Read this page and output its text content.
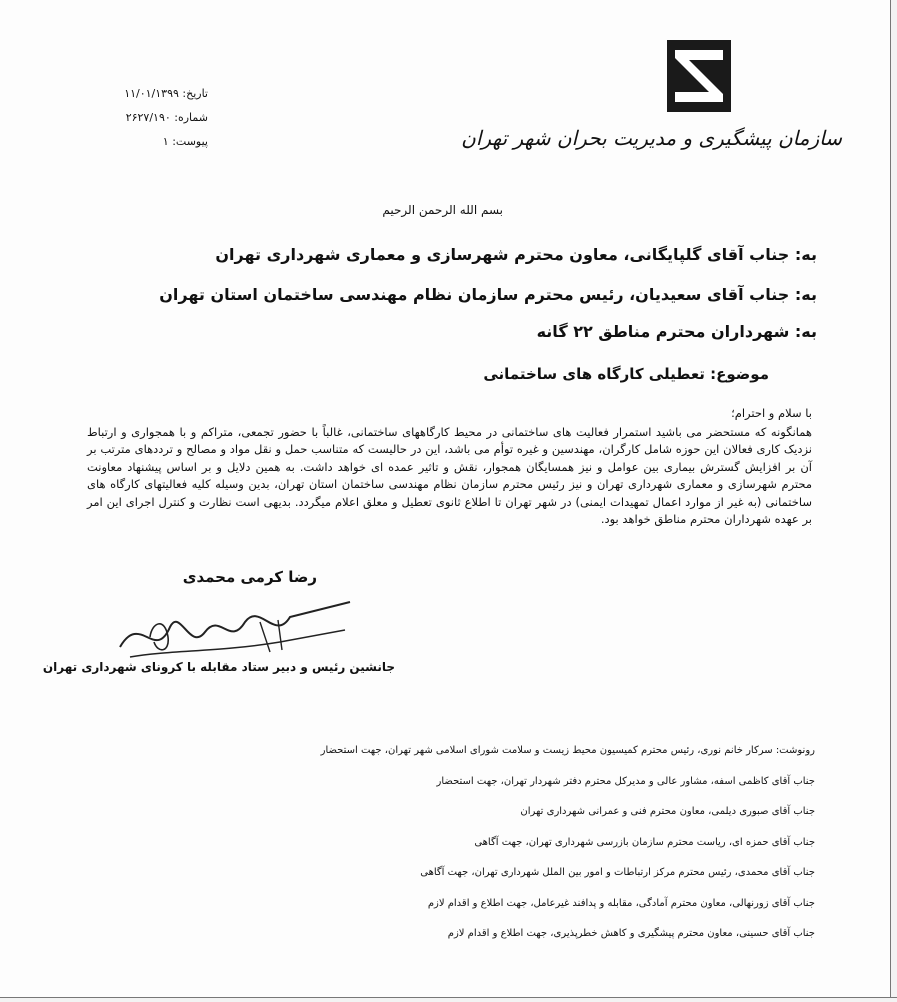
سازمان پیشگیری و مدیریت بحران شهر تهران
تاریخ: ۱۱/۰۱/۱۳۹۹
شماره: ۲۶۲۷/۱۹۰
پیوست: ۱
بسم الله الرحمن الرحیم
به: جناب آقای گلپایگانی، معاون محترم شهرسازی و معماری شهرداری تهران
به: جناب آقای سعیدیان، رئیس محترم سازمان نظام مهندسی ساختمان استان تهران
به: شهرداران محترم مناطق ۲۲ گانه
موضوع: تعطیلی کارگاه های ساختمانی
با سلام و احترام؛
همانگونه که مستحضر می باشید استمرار فعالیت های ساختمانی در محیط کارگاههای ساختمانی، غالباً با حضور تجمعی، متراکم و با همجواری و ارتباط نزدیک کاری فعالان این حوزه شامل کارگران، مهندسین و غیره توأم می باشد، این در حالیست که متناسب حمل و نقل مواد و مصالح و ترددهای مترتب بر آن بر افزایش گسترش بیماری بین عوامل و نیز همسایگان همجوار، نقش و تاثیر عمده ای خواهد داشت. به همین دلایل و بر اساس پیشنهاد معاونت محترم شهرسازی و معماری شهرداری تهران و نیز رئیس محترم سازمان نظام مهندسی ساختمان استان تهران، بدین وسیله کلیه فعالیتهای کارگاه های ساختمانی (به غیر از موارد اعمال تمهیدات ایمنی) در شهر تهران تا اطلاع ثانوی تعطیل و معلق اعلام میگردد. بدیهی است نظارت و کنترل اجرای این امر بر عهده شهرداران محترم مناطق خواهد بود.
رضا کرمی محمدی
جانشین رئیس و دبیر ستاد مقابله با کرونای شهرداری تهران
رونوشت: سرکار خانم نوری، رئیس محترم کمیسیون محیط زیست و سلامت شورای اسلامی شهر تهران، جهت استحضار
جناب آقای کاظمی اسفه، مشاور عالی و مدیرکل محترم دفتر شهردار تهران، جهت استحضار
جناب آقای صبوری دیلمی، معاون محترم فنی و عمرانی شهرداری تهران
جناب آقای حمزه ای، ریاست محترم سازمان بازرسی شهرداری تهران، جهت آگاهی
جناب آقای محمدی، رئیس محترم مرکز ارتباطات و امور بین الملل شهرداری تهران، جهت آگاهی
جناب آقای زورنهالی، معاون محترم آمادگی، مقابله و پدافند غیرعامل، جهت اطلاع و اقدام لازم
جناب آقای حسینی، معاون محترم پیشگیری و کاهش خطرپذیری، جهت اطلاع و اقدام لازم
